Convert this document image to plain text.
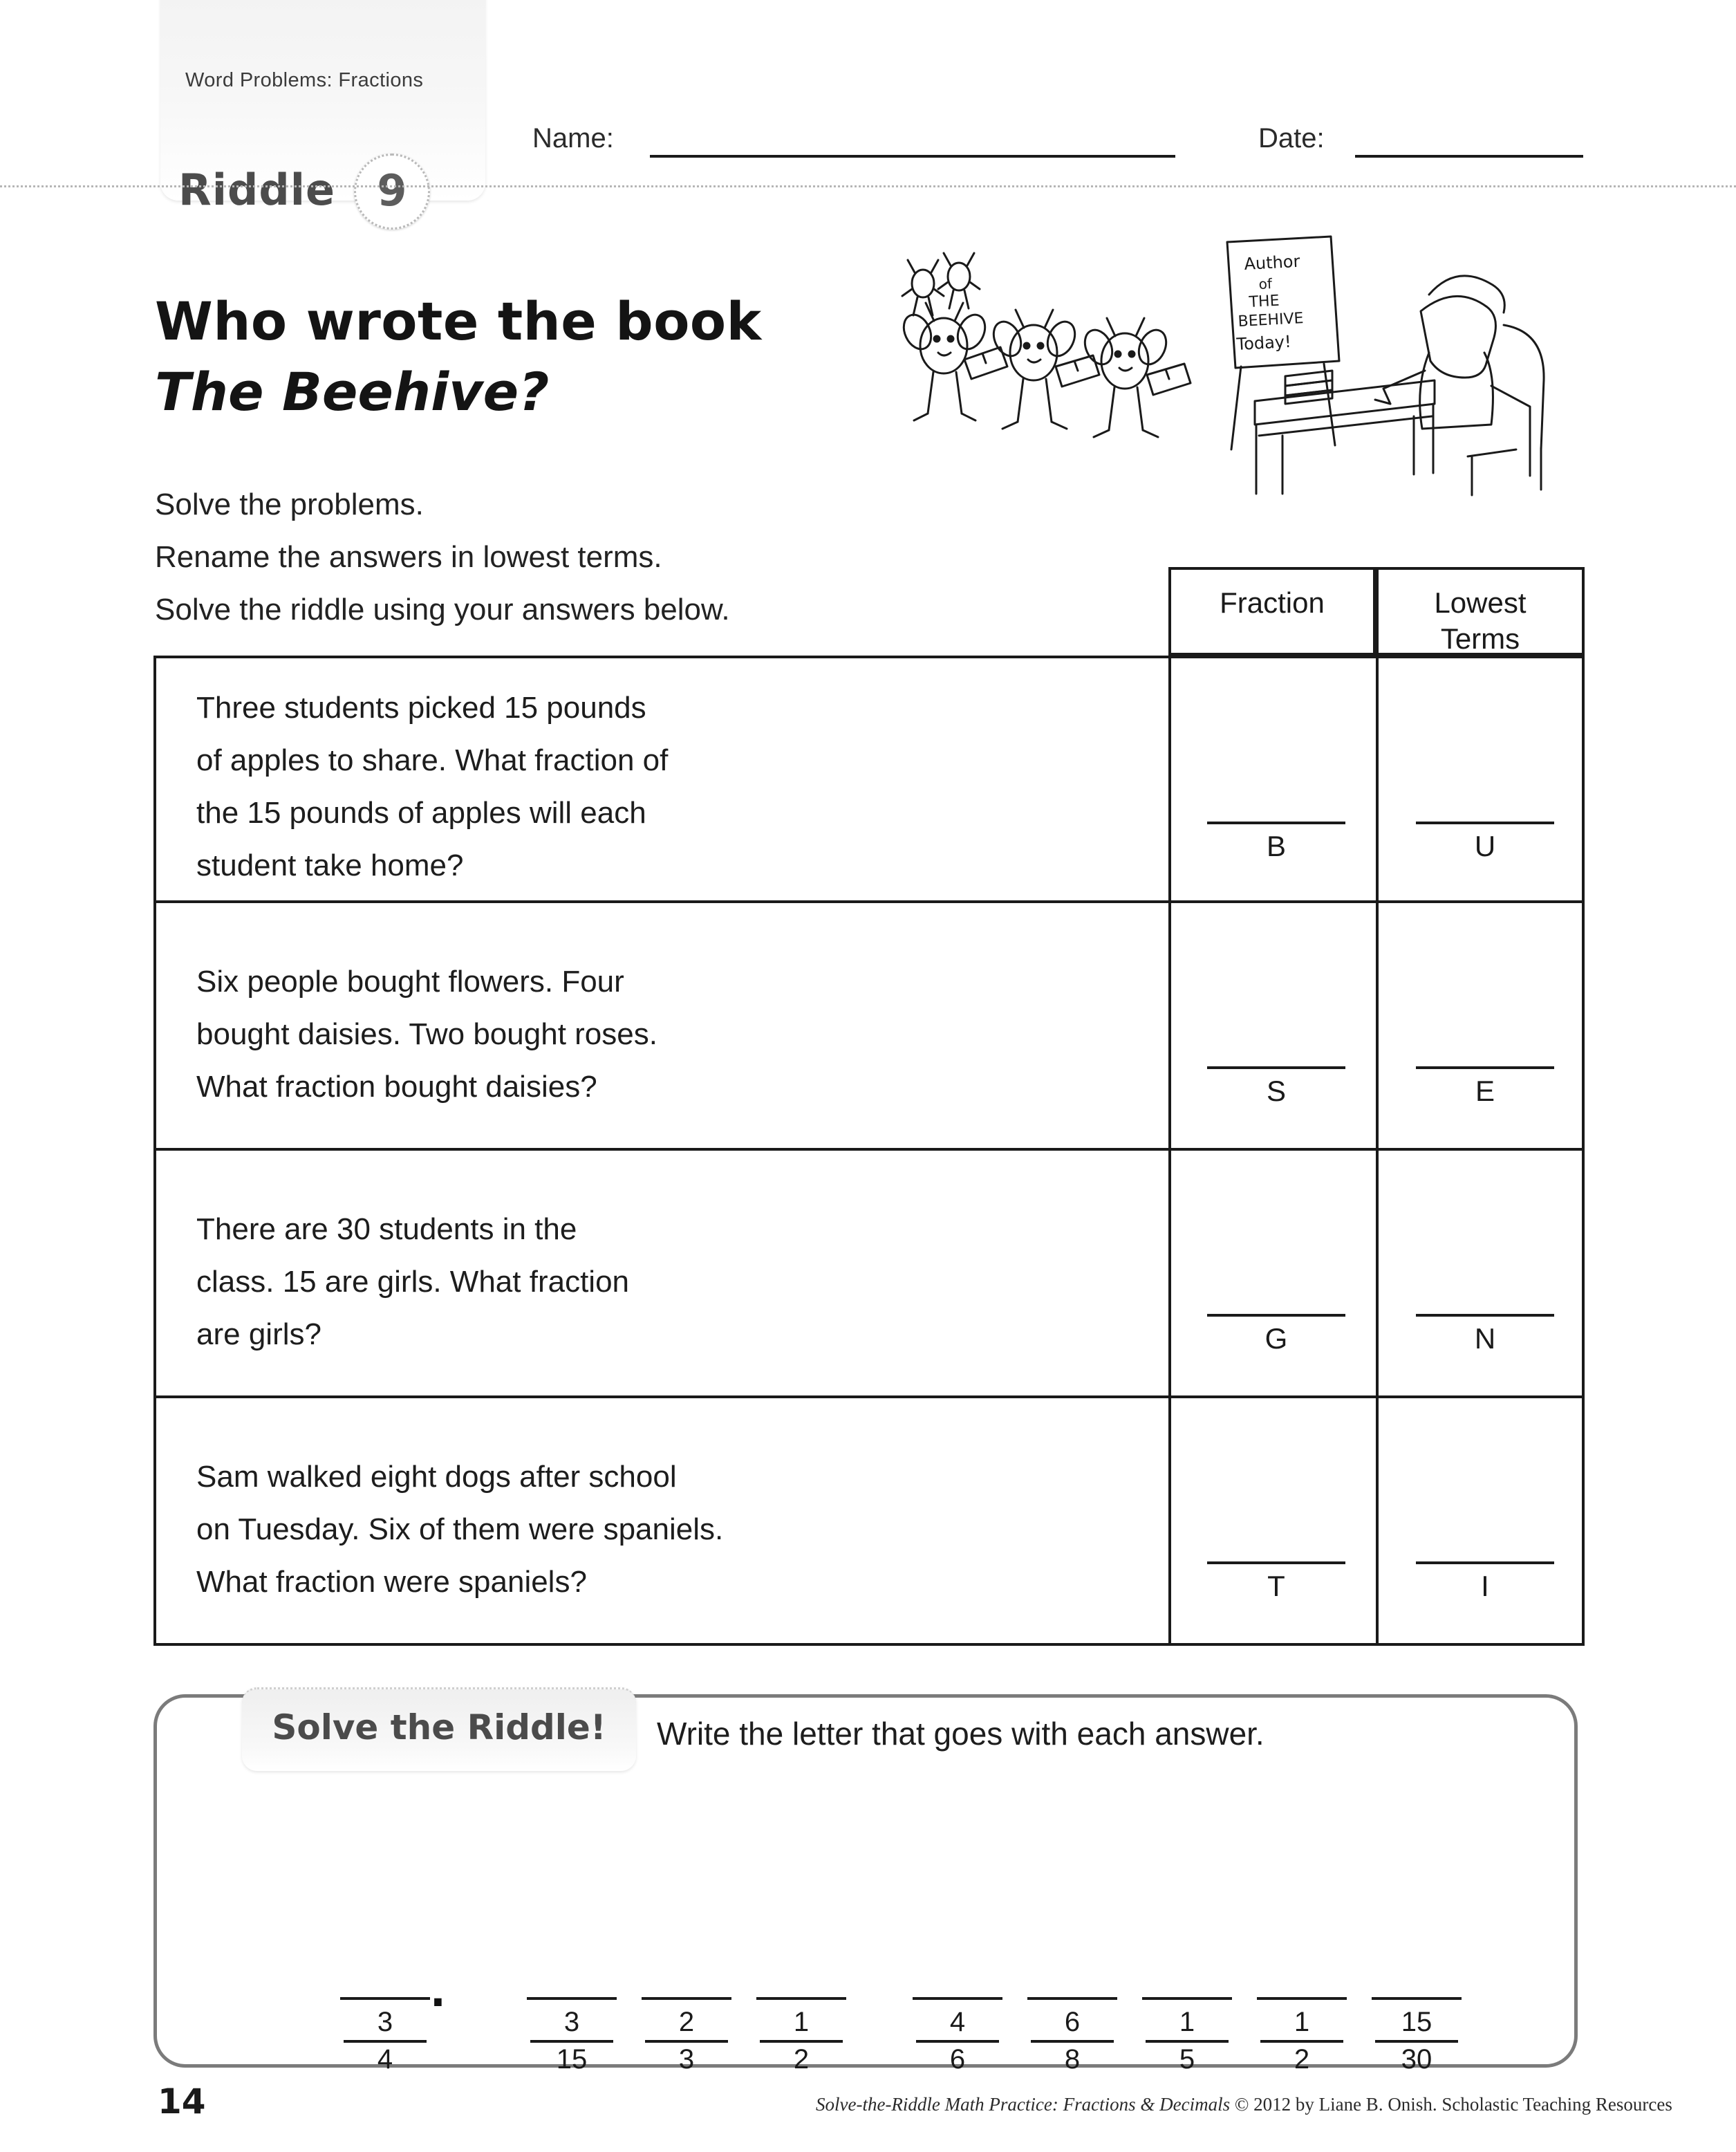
Word Problems: Fractions
Riddle 9
Name:	Date:
Who wrote the book
The Beehive?
Solve the problems.
Rename the answers in lowest terms.
Solve the riddle using your answers below.
Author
of
THE
BEEHIVE
Today!
Fraction	Lowest
Terms
Three students picked 15 pounds
of apples to share. What fraction of
the 15 pounds of apples will each
student take home?
B	U
Six people bought flowers. Four
bought daisies. Two bought roses.
What fraction bought daisies?	S	E
There are 30 students in the
class. 15 are girls. What fraction
are girls?	G	N
Sam walked eight dogs after school
on Tuesday. Six of them were spaniels.
What fraction were spaniels?	T	I
Solve the Riddle!	Write the letter that goes with each answer.
.
3
4
3
15
2
3
1
2
4
6
6
8
1
5
1
2
15
30
14	Solve-the-Riddle Math Practice: Fractions & Decimals © 2012 by Liane B. Onish. Scholastic Teaching Resources
